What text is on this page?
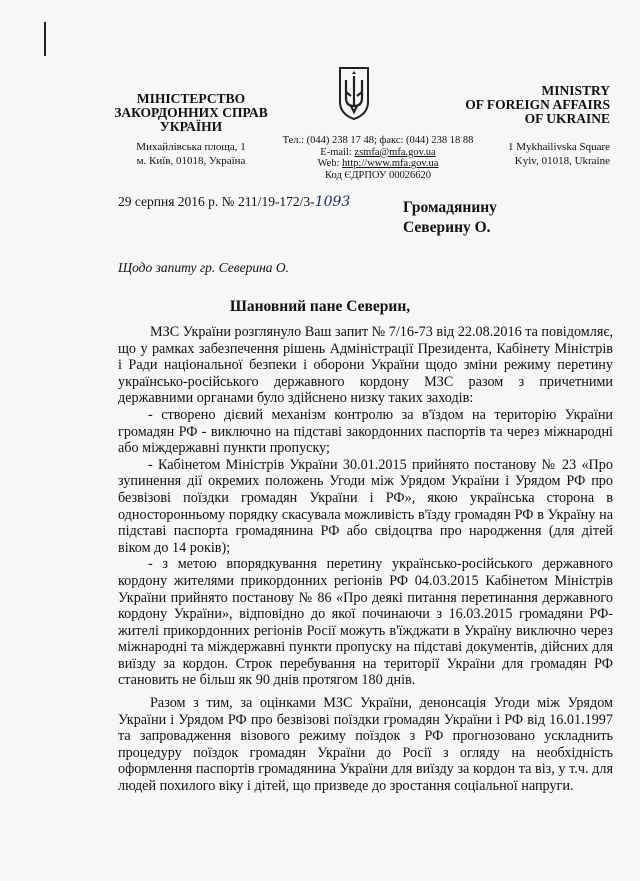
МІНІСТЕРСТВО
ЗАКОРДОННИХ СПРАВ
УКРАЇНИ
Михайлівська площа, 1
м. Київ, 01018, Україна
MINISTRY
OF FOREIGN AFFAIRS
OF UKRAINE
1 Mykhailivska Square
Kyiv, 01018, Ukraine
Тел.: (044) 238 17 48; факс: (044) 238 18 88
E-mail: zsmfa@mfa.gov.ua
Web: http://www.mfa.gov.ua
Код ЄДРПОУ 00026620
29 серпня 2016 р. № 211/19-172/3-1093	Громадянину
Северину О.
Щодо запиту гр. Северина О.
Шановний пане Северин,

МЗС України розглянуло Ваш запит № 7/16-73 від 22.08.2016 та повідомляє, що у рамках забезпечення рішень Адміністрації Президента, Кабінету Міністрів і Ради національної безпеки і оборони України щодо зміни режиму перетину українсько-російського державного кордону МЗС разом з причетними державними органами було здійснено низку таких заходів:

- створено дієвий механізм контролю за в'їздом на територію України громадян РФ - виключно на підставі закордонних паспортів та через міжнародні або міждержавні пункти пропуску;

- Кабінетом Міністрів України 30.01.2015 прийнято постанову № 23 «Про зупинення дії окремих положень Угоди між Урядом України і Урядом РФ про безвізові поїздки громадян України і РФ», якою українська сторона в односторонньому порядку скасувала можливість в'їзду громадян РФ в Україну на підставі паспорта громадянина РФ або свідоцтва про народження (для дітей віком до 14 років);

- з метою впорядкування перетину українсько-російського державного кордону жителями прикордонних регіонів РФ 04.03.2015 Кабінетом Міністрів України прийнято постанову № 86 «Про деякі питання перетинання державного кордону України», відповідно до якої починаючи з 16.03.2015 громадяни РФ-жителі прикордонних регіонів Росії можуть в'їжджати в Україну виключно через міжнародні та міждержавні пункти пропуску на підставі документів, дійсних для виїзду за кордон. Строк перебування на території України для громадян РФ становить не більш як 90 днів протягом 180 днів.

Разом з тим, за оцінками МЗС України, денонсація Угоди між Урядом України і Урядом РФ про безвізові поїздки громадян України і РФ від 16.01.1997 та запровадження візового режиму поїздок з РФ прогнозовано ускладнить процедуру поїздок громадян України до Росії з огляду на необхідність оформлення паспортів громадянина України для виїзду за кордон та віз, у т.ч. для людей похилого віку і дітей, що призведе до зростання соціальної напруги.
